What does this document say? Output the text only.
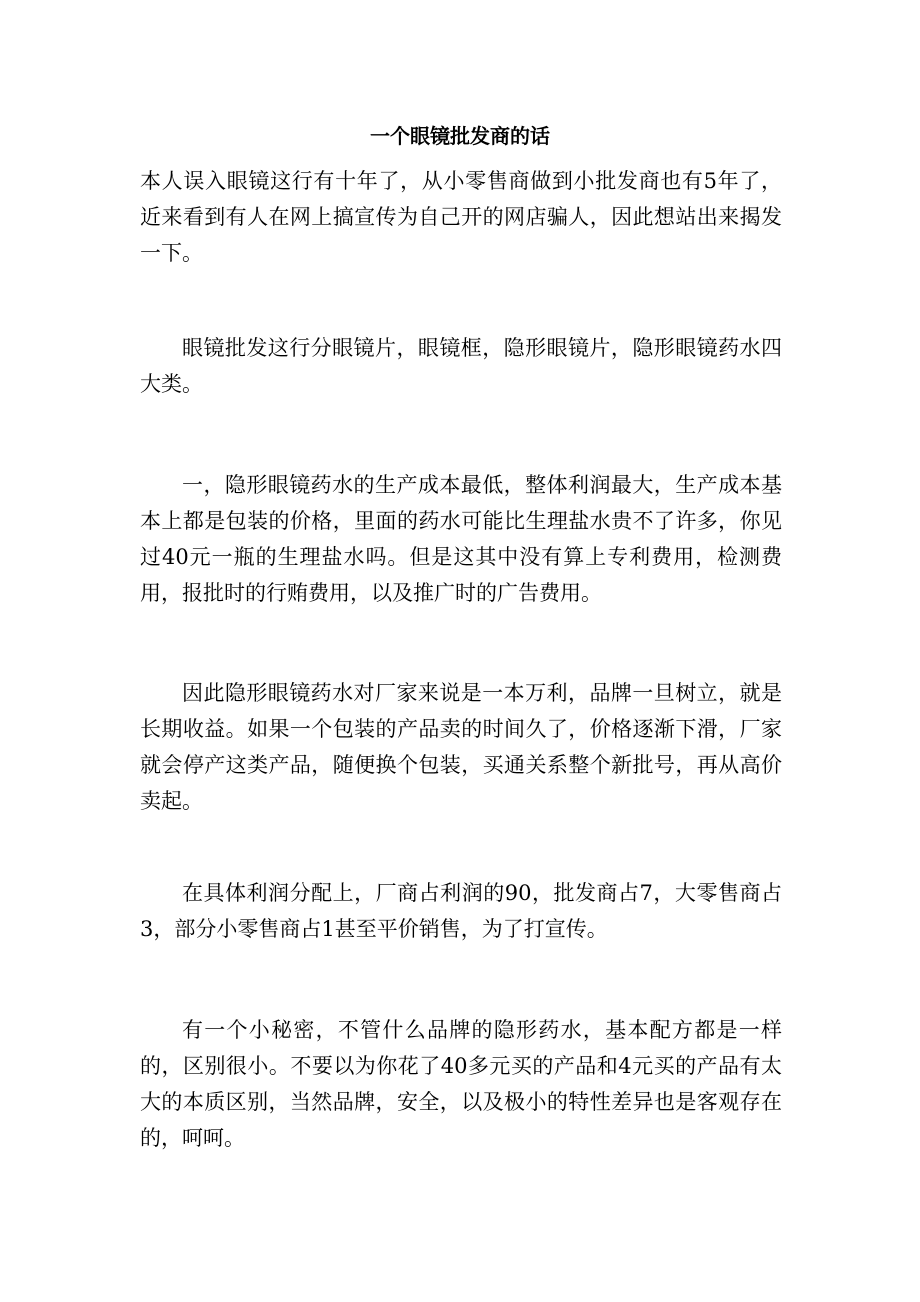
一个眼镜批发商的话

本人误入眼镜这行有十年了，从小零售商做到小批发商也有5年了，近来看到有人在网上搞宣传为自己开的网店骗人，因此想站出来揭发一下。

眼镜批发这行分眼镜片，眼镜框，隐形眼镜片，隐形眼镜药水四大类。

一，隐形眼镜药水的生产成本最低，整体利润最大，生产成本基本上都是包装的价格，里面的药水可能比生理盐水贵不了许多，你见过40元一瓶的生理盐水吗。但是这其中没有算上专利费用，检测费用，报批时的行贿费用，以及推广时的广告费用。

因此隐形眼镜药水对厂家来说是一本万利，品牌一旦树立，就是长期收益。如果一个包装的产品卖的时间久了，价格逐渐下滑，厂家就会停产这类产品，随便换个包装，买通关系整个新批号，再从高价卖起。

在具体利润分配上，厂商占利润的90，批发商占7，大零售商占3，部分小零售商占1甚至平价销售，为了打宣传。

有一个小秘密，不管什么品牌的隐形药水，基本配方都是一样的，区别很小。不要以为你花了40多元买的产品和4元买的产品有太大的本质区别，当然品牌，安全，以及极小的特性差异也是客观存在的，呵呵。
